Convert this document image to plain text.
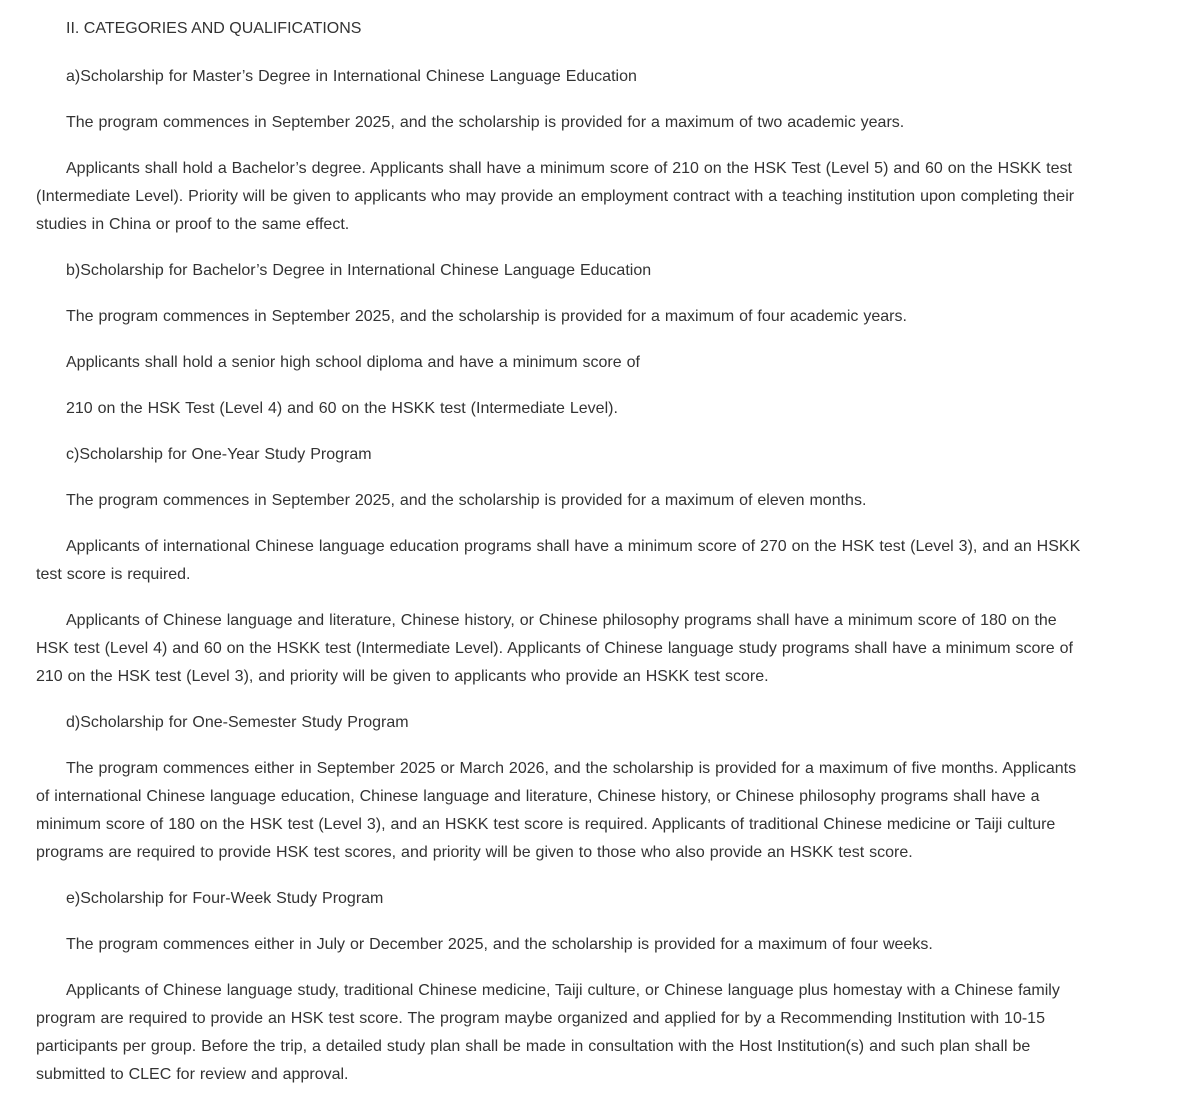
II. CATEGORIES AND QUALIFICATIONS

a)Scholarship for Master’s Degree in International Chinese Language Education

The program commences in September 2025, and the scholarship is provided for a maximum of two academic years.

Applicants shall hold a Bachelor’s degree. Applicants shall have a minimum score of 210 on the HSK Test (Level 5) and 60 on the HSKK test (Intermediate Level). Priority will be given to applicants who may provide an employment contract with a teaching institution upon completing their studies in China or proof to the same effect.

b)Scholarship for Bachelor’s Degree in International Chinese Language Education

The program commences in September 2025, and the scholarship is provided for a maximum of four academic years.

Applicants shall hold a senior high school diploma and have a minimum score of

210 on the HSK Test (Level 4) and 60 on the HSKK test (Intermediate Level).

c)Scholarship for One-Year Study Program

The program commences in September 2025, and the scholarship is provided for a maximum of eleven months.

Applicants of international Chinese language education programs shall have a minimum score of 270 on the HSK test (Level 3), and an HSKK test score is required.

Applicants of Chinese language and literature, Chinese history, or Chinese philosophy programs shall have a minimum score of 180 on the HSK test (Level 4) and 60 on the HSKK test (Intermediate Level). Applicants of Chinese language study programs shall have a minimum score of 210 on the HSK test (Level 3), and priority will be given to applicants who provide an HSKK test score.

d)Scholarship for One-Semester Study Program

The program commences either in September 2025 or March 2026, and the scholarship is provided for a maximum of five months. Applicants of international Chinese language education, Chinese language and literature, Chinese history, or Chinese philosophy programs shall have a minimum score of 180 on the HSK test (Level 3), and an HSKK test score is required. Applicants of traditional Chinese medicine or Taiji culture programs are required to provide HSK test scores, and priority will be given to those who also provide an HSKK test score.

e)Scholarship for Four-Week Study Program

The program commences either in July or December 2025, and the scholarship is provided for a maximum of four weeks.

Applicants of Chinese language study, traditional Chinese medicine, Taiji culture, or Chinese language plus homestay with a Chinese family program are required to provide an HSK test score. The program maybe organized and applied for by a Recommending Institution with 10-15 participants per group. Before the trip, a detailed study plan shall be made in consultation with the Host Institution(s) and such plan shall be submitted to CLEC for review and approval.
